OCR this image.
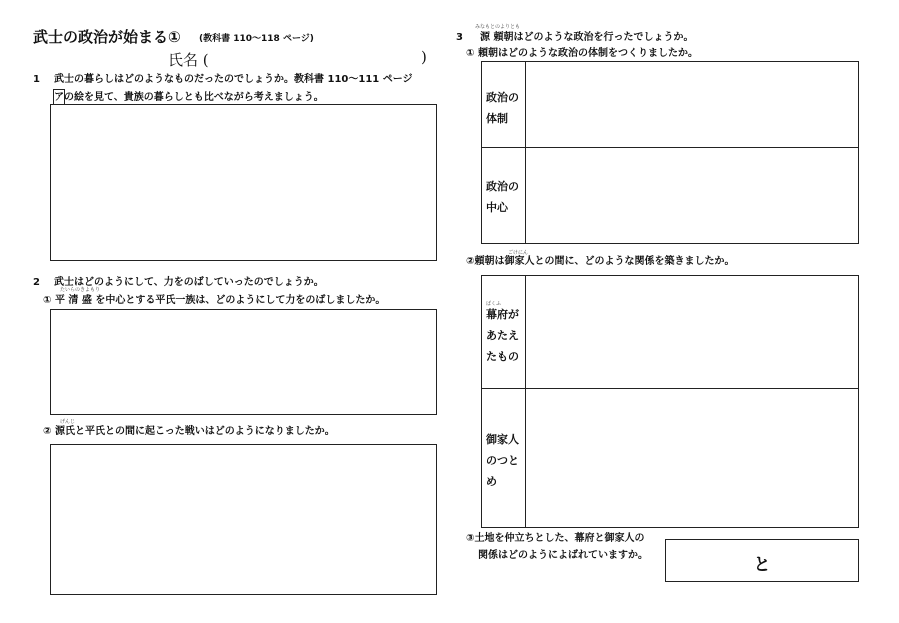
武士の政治が始まる① (教科書 110～118 ページ)
氏名 (	)
1 武士の暮らしはどのようなものだったのでしょうか。教科書 110～111 ページ
アの絵を見て、貴族の暮らしとも比べながら考えましょう。
2 武士はどのようにして、力をのばしていったのでしょうか。
たいらのきよもり
① 平 清 盛 を中心とする平氏一族は、どのようにして力をのばしましたか。
げんじ
② 源氏と平氏との間に起こった戦いはどのようになりましたか。
3
みなもとのよりとも
源 頼朝はどのような政治を行ったでしょうか。
① 頼朝はどのような政治の体制をつくりましたか。
政治の体制
政治の中心
ごけにん
②頼朝は御家人との間に、どのような関係を築きましたか。
ばくふ
幕府があたえたもの
御家人のつとめ
③土地を仲立ちとした、幕府と御家人の
関係はどのようによばれていますか。	と
